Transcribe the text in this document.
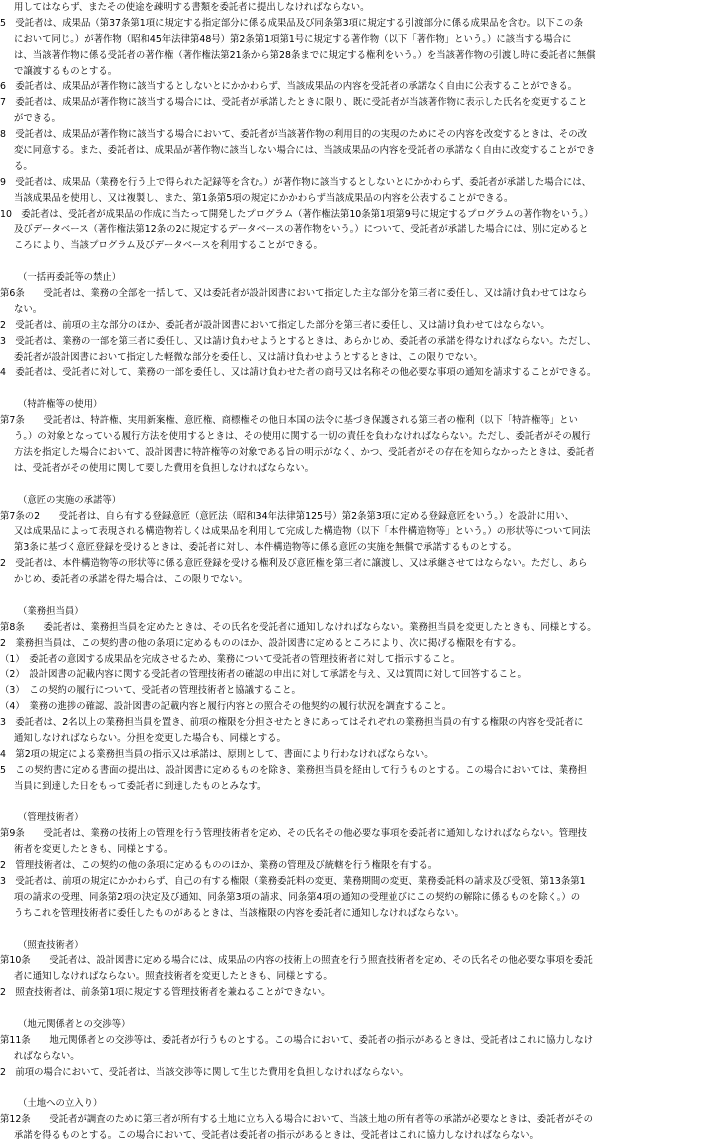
用してはならず、またその使途を疎明する書類を委託者に提出しなければならない。
5　受託者は、成果品（第37条第1項に規定する指定部分に係る成果品及び同条第3項に規定する引渡部分に係る成果品を含む。以下この条
において同じ。）が著作物（昭和45年法律第48号）第2条第1項第1号に規定する著作物（以下「著作物」という。）に該当する場合に
は、当該著作物に係る受託者の著作権（著作権法第21条から第28条までに規定する権利をいう。）を当該著作物の引渡し時に委託者に無償
で譲渡するものとする。
6　委託者は、成果品が著作物に該当するとしないとにかかわらず、当該成果品の内容を受託者の承諾なく自由に公表することができる。
7　委託者は、成果品が著作物に該当する場合には、受託者が承諾したときに限り、既に受託者が当該著作物に表示した氏名を変更すること
ができる。
8　受託者は、成果品が著作物に該当する場合において、委託者が当該著作物の利用目的の実現のためにその内容を改変するときは、その改
変に同意する。また、委託者は、成果品が著作物に該当しない場合には、当該成果品の内容を受託者の承諾なく自由に改変することができ
る。
9　受託者は、成果品（業務を行う上で得られた記録等を含む。）が著作物に該当するとしないとにかかわらず、委託者が承諾した場合には、
当該成果品を使用し、又は複製し、また、第1条第5項の規定にかかわらず当該成果品の内容を公表することができる。
10　委託者は、受託者が成果品の作成に当たって開発したプログラム（著作権法第10条第1項第9号に規定するプログラムの著作物をいう。）
及びデータベース（著作権法第12条の2に規定するデータベースの著作物をいう。）について、受託者が承諾した場合には、別に定めると
ころにより、当該プログラム及びデータベースを利用することができる。
（一括再委託等の禁止）
第6条　　受託者は、業務の全部を一括して、又は委託者が設計図書において指定した主な部分を第三者に委任し、又は請け負わせてはなら
ない。
2　受託者は、前項の主な部分のほか、委託者が設計図書において指定した部分を第三者に委任し、又は請け負わせてはならない。
3　受託者は、業務の一部を第三者に委任し、又は請け負わせようとするときは、あらかじめ、委託者の承諾を得なければならない。ただし、
委託者が設計図書において指定した軽微な部分を委任し、又は請け負わせようとするときは、この限りでない。
4　委託者は、受託者に対して、業務の一部を委任し、又は請け負わせた者の商号又は名称その他必要な事項の通知を請求することができる。
（特許権等の使用）
第7条　　受託者は、特許権、実用新案権、意匠権、商標権その他日本国の法令に基づき保護される第三者の権利（以下「特許権等」とい
う。）の対象となっている履行方法を使用するときは、その使用に関する一切の責任を負わなければならない。ただし、委託者がその履行
方法を指定した場合において、設計図書に特許権等の対象である旨の明示がなく、かつ、受託者がその存在を知らなかったときは、委託者
は、受託者がその使用に関して要した費用を負担しなければならない。
（意匠の実施の承諾等）
第7条の2　　受託者は、自ら有する登録意匠（意匠法（昭和34年法律第125号）第2条第3項に定める登録意匠をいう。）を設計に用い、
又は成果品によって表現される構造物若しくは成果品を利用して完成した構造物（以下「本件構造物等」という。）の形状等について同法
第3条に基づく意匠登録を受けるときは、委託者に対し、本件構造物等に係る意匠の実施を無償で承諾するものとする。
2　受託者は、本件構造物等の形状等に係る意匠登録を受ける権利及び意匠権を第三者に譲渡し、又は承継させてはならない。ただし、あら
かじめ、委託者の承諾を得た場合は、この限りでない。
（業務担当員）
第8条　　委託者は、業務担当員を定めたときは、その氏名を受託者に通知しなければならない。業務担当員を変更したときも、同様とする。
2　業務担当員は、この契約書の他の条項に定めるもののほか、設計図書に定めるところにより、次に掲げる権限を有する。
（1）　委託者の意図する成果品を完成させるため、業務について受託者の管理技術者に対して指示すること。
（2）　設計図書の記載内容に関する受託者の管理技術者の確認の申出に対して承諾を与え、又は質問に対して回答すること。
（3）　この契約の履行について、受託者の管理技術者と協議すること。
（4）　業務の進捗の確認、設計図書の記載内容と履行内容との照合その他契約の履行状況を調査すること。
3　委託者は、2名以上の業務担当員を置き、前項の権限を分担させたときにあってはそれぞれの業務担当員の有する権限の内容を受託者に
通知しなければならない。分担を変更した場合も、同様とする。
4　第2項の規定による業務担当員の指示又は承諾は、原則として、書面により行わなければならない。
5　この契約書に定める書面の提出は、設計図書に定めるものを除き、業務担当員を経由して行うものとする。この場合においては、業務担
当員に到達した日をもって委託者に到達したものとみなす。
（管理技術者）
第9条　　受託者は、業務の技術上の管理を行う管理技術者を定め、その氏名その他必要な事項を委託者に通知しなければならない。管理技
術者を変更したときも、同様とする。
2　管理技術者は、この契約の他の条項に定めるもののほか、業務の管理及び統轄を行う権限を有する。
3　受託者は、前項の規定にかかわらず、自己の有する権限（業務委託料の変更、業務期間の変更、業務委託料の請求及び受領、第13条第1
項の請求の受理、同条第2項の決定及び通知、同条第3項の請求、同条第4項の通知の受理並びにこの契約の解除に係るものを除く。）の
うちこれを管理技術者に委任したものがあるときは、当該権限の内容を委託者に通知しなければならない。
（照査技術者）
第10条　　受託者は、設計図書に定める場合には、成果品の内容の技術上の照査を行う照査技術者を定め、その氏名その他必要な事項を委託
者に通知しなければならない。照査技術者を変更したときも、同様とする。
2　照査技術者は、前条第1項に規定する管理技術者を兼ねることができない。
（地元関係者との交渉等）
第11条　　地元関係者との交渉等は、委託者が行うものとする。この場合において、委託者の指示があるときは、受託者はこれに協力しなけ
ればならない。
2　前項の場合において、受託者は、当該交渉等に関して生じた費用を負担しなければならない。
（土地への立入り）
第12条　　受託者が調査のために第三者が所有する土地に立ち入る場合において、当該土地の所有者等の承諾が必要なときは、委託者がその
承諾を得るものとする。この場合において、受託者は委託者の指示があるときは、受託者はこれに協力しなければならない。
